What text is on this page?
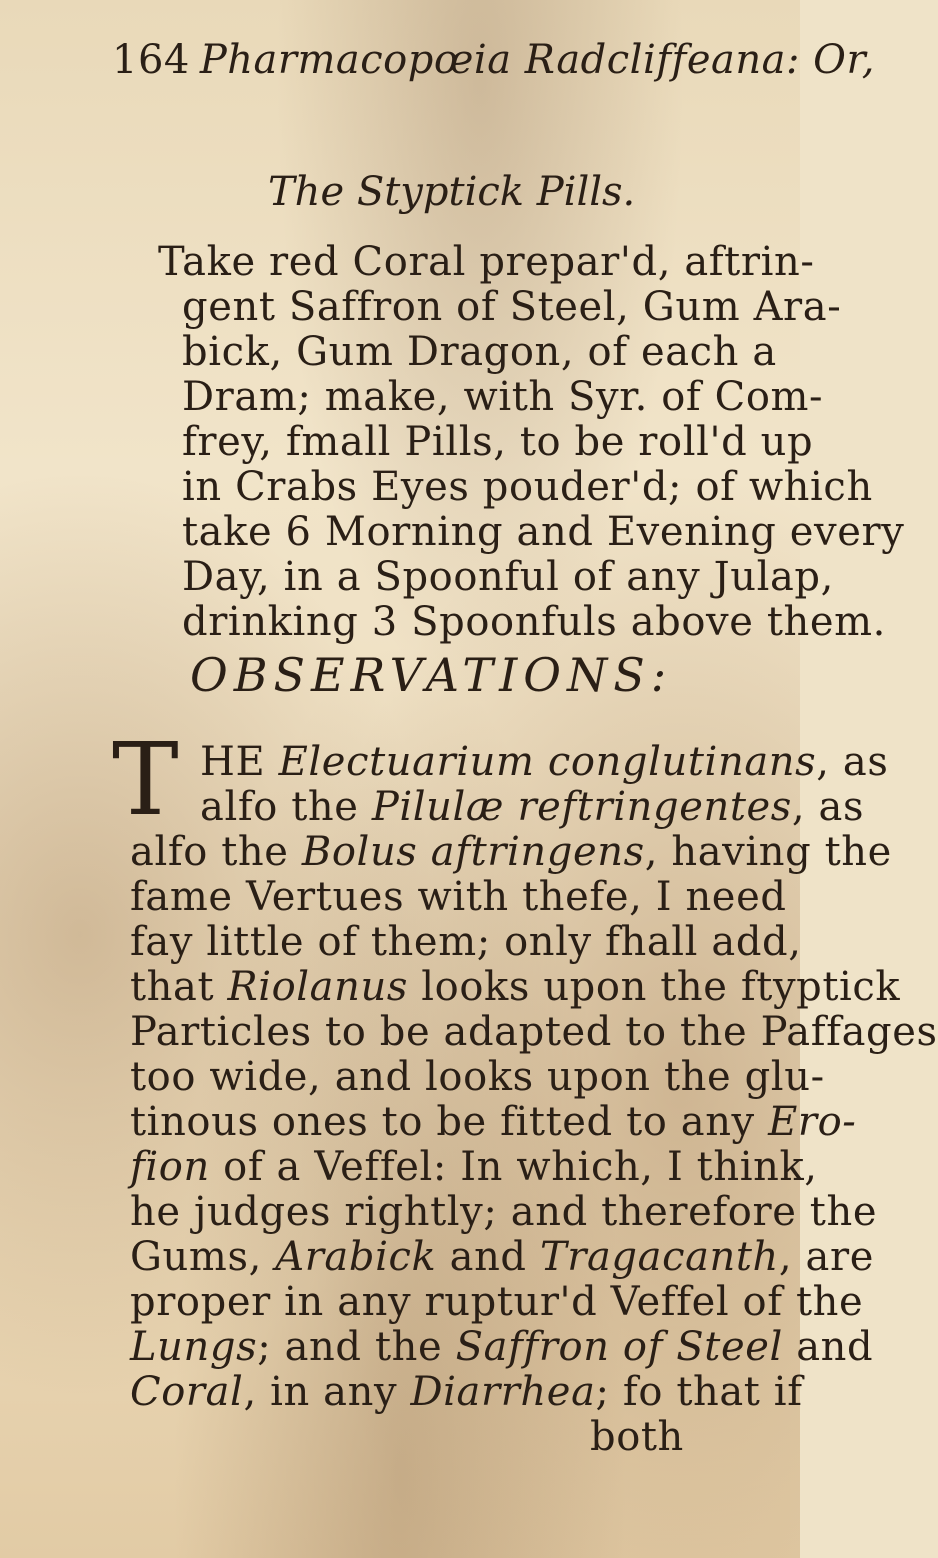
164 Pharmacopœia Radcliffeana: Or,
The Styptick Pills.
Take red Coral prepar'd, aftrin-
gent Saffron of Steel, Gum Ara-
bick, Gum Dragon, of each a
Dram; make, with Syr. of Com-
frey, fmall Pills, to be roll'd up
in Crabs Eyes pouder'd; of which
take 6 Morning and Evening every
Day, in a Spoonful of any Julap,
drinking 3 Spoonfuls above them.
OBSERVATIONS:
T HE Electuarium conglutinans, as
alfo the Pilulæ reftringentes, as
alfo the Bolus aftringens, having the
fame Vertues with thefe, I need
fay little of them; only fhall add,
that Riolanus looks upon the ftyptick
Particles to be adapted to the Paffages
too wide, and looks upon the glu-
tinous ones to be fitted to any Ero-
fion of a Veffel: In which, I think,
he judges rightly; and therefore the
Gums, Arabick and Tragacanth, are
proper in any ruptur'd Veffel of the
Lungs; and the Saffron of Steel and
Coral, in any Diarrhea; fo that if
both
